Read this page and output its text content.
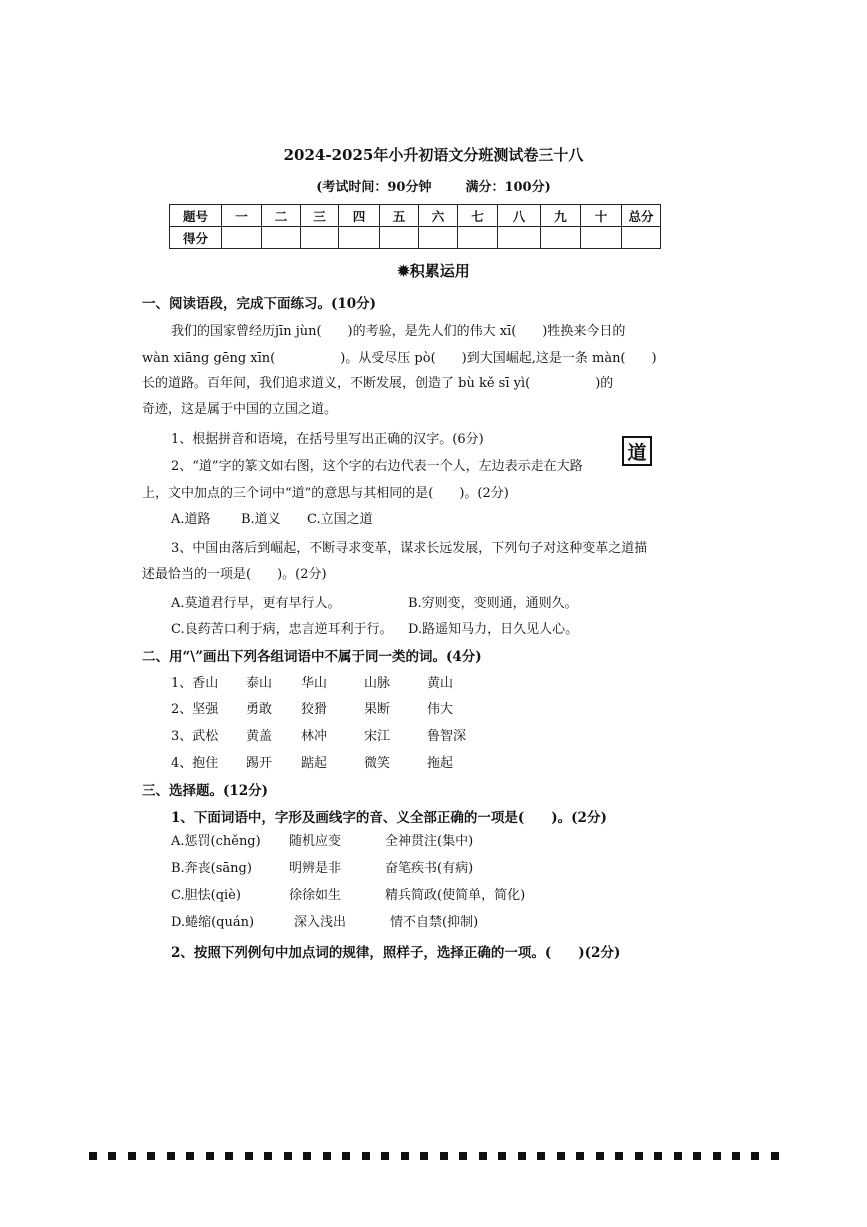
2024-2025年小升初语文分班测试卷三十八
(考试时间：90分钟	满分：100分)
题号	一	二	三	四	五	六	七	八	九	十	总分
得分											
✹积累运用
一、阅读语段，完成下面练习。(10分)
我们的国家曾经历jīn jùn(　　)的考验，是先人们的伟大 xī(　　)牲换来今日的
wàn xiāng gēng xīn(　　　　　)。从受尽压 pò(　　)到大国崛起,这是一条 màn(　　)
长的道路。百年间，我们追求道义，不断发展，创造了 bù kě sī yì(　　　　　)的
奇迹，这是属于中国的立国之道。
1、根据拼音和语境，在括号里写出正确的汉字。(6分)
道
2、“道”字的篆文如右图，这个字的右边代表一个人，左边表示走在大路
上，文中加点的三个词中“道”的意思与其相同的是(　　)。(2分)
A.道路 B.道义 C.立国之道
3、中国由落后到崛起，不断寻求变革，谋求长远发展，下列句子对这种变革之道描
述最恰当的一项是(　　)。(2分)
A.莫道君行早，更有早行人。	B.穷则变，变则通，通则久。
C.良药苦口利于病，忠言逆耳利于行。 D.路遥知马力，日久见人心。
二、用“\”画出下列各组词语中不属于同一类的词。(4分)
1、香山 泰山 华山	山脉	黄山
2、坚强 勇敢 狡猾	果断	伟大
3、武松 黄盖 林冲	宋江	鲁智深
4、抱住 踢开 踮起	微笑	拖起
三、选择题。(12分)
1、下面词语中，字形及画线字的音、义全部正确的一项是(　　)。(2分)
A.惩罚(chěng) 随机应变	全神贯注(集中)
B.奔丧(sāng)	明辨是非	奋笔疾书(有病)
C.胆怯(qiè)	徐徐如生	精兵简政(使简单，简化)
D.蜷缩(quán)	深入浅出	情不自禁(抑制)
2、按照下列例句中加点词的规律，照样子，选择正确的一项。(　　)(2分)
